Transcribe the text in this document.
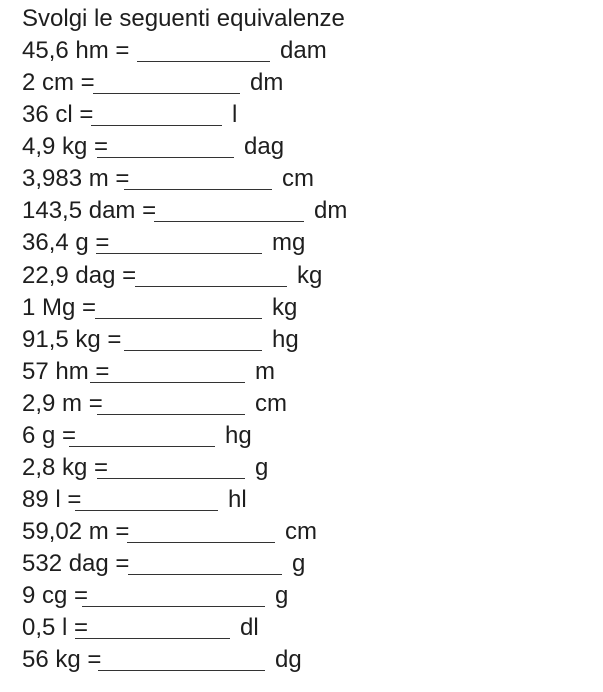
Svolgi le seguenti equivalenze
45,6 hm =	dam
2 cm =	dm
36 cl =	l
4,9 kg =	dag
3,983 m =	cm
143,5 dam =	dm
36,4 g =	mg
22,9 dag =	kg
1 Mg =	kg
91,5 kg =	hg
57 hm =	m
2,9 m =	cm
6 g =	hg
2,8 kg =	g
89 l =	hl
59,02 m =	cm
532 dag =	g
9 cg =	g
0,5 l =	dl
56 kg =	dg
